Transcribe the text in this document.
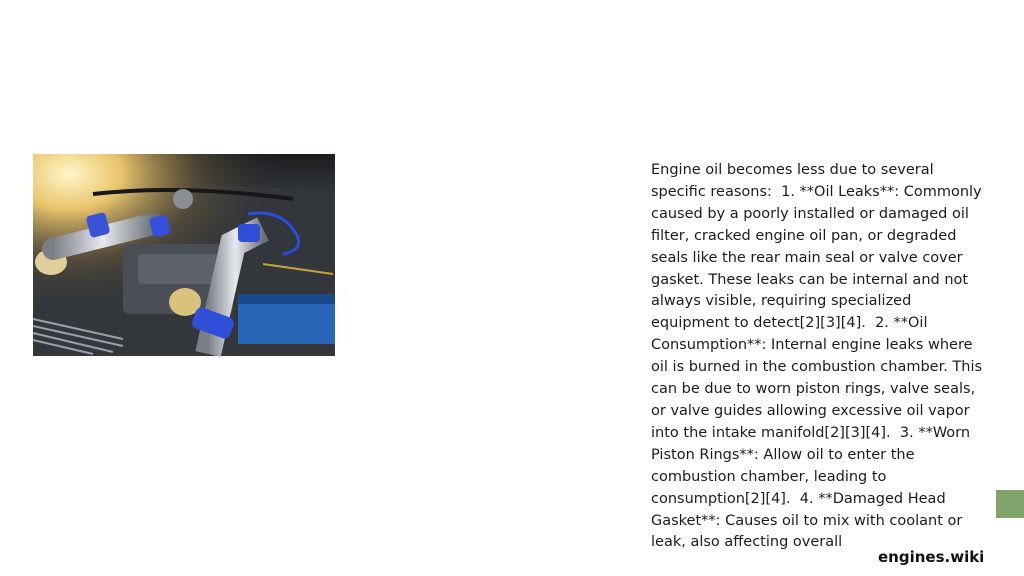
Engine oil becomes less due to several specific reasons:  1. **Oil Leaks**: Commonly caused by a poorly installed or damaged oil filter, cracked engine oil pan, or degraded seals like the rear main seal or valve cover gasket. These leaks can be internal and not always visible, requiring specialized equipment to detect[2][3][4].  2. **Oil Consumption**: Internal engine leaks where oil is burned in the combustion chamber. This can be due to worn piston rings, valve seals, or valve guides allowing excessive oil vapor into the intake manifold[2][3][4].  3. **Worn Piston Rings**: Allow oil to enter the combustion chamber, leading to consumption[2][4].  4. **Damaged Head Gasket**: Causes oil to mix with coolant or leak, also affecting overall

engines.wiki
